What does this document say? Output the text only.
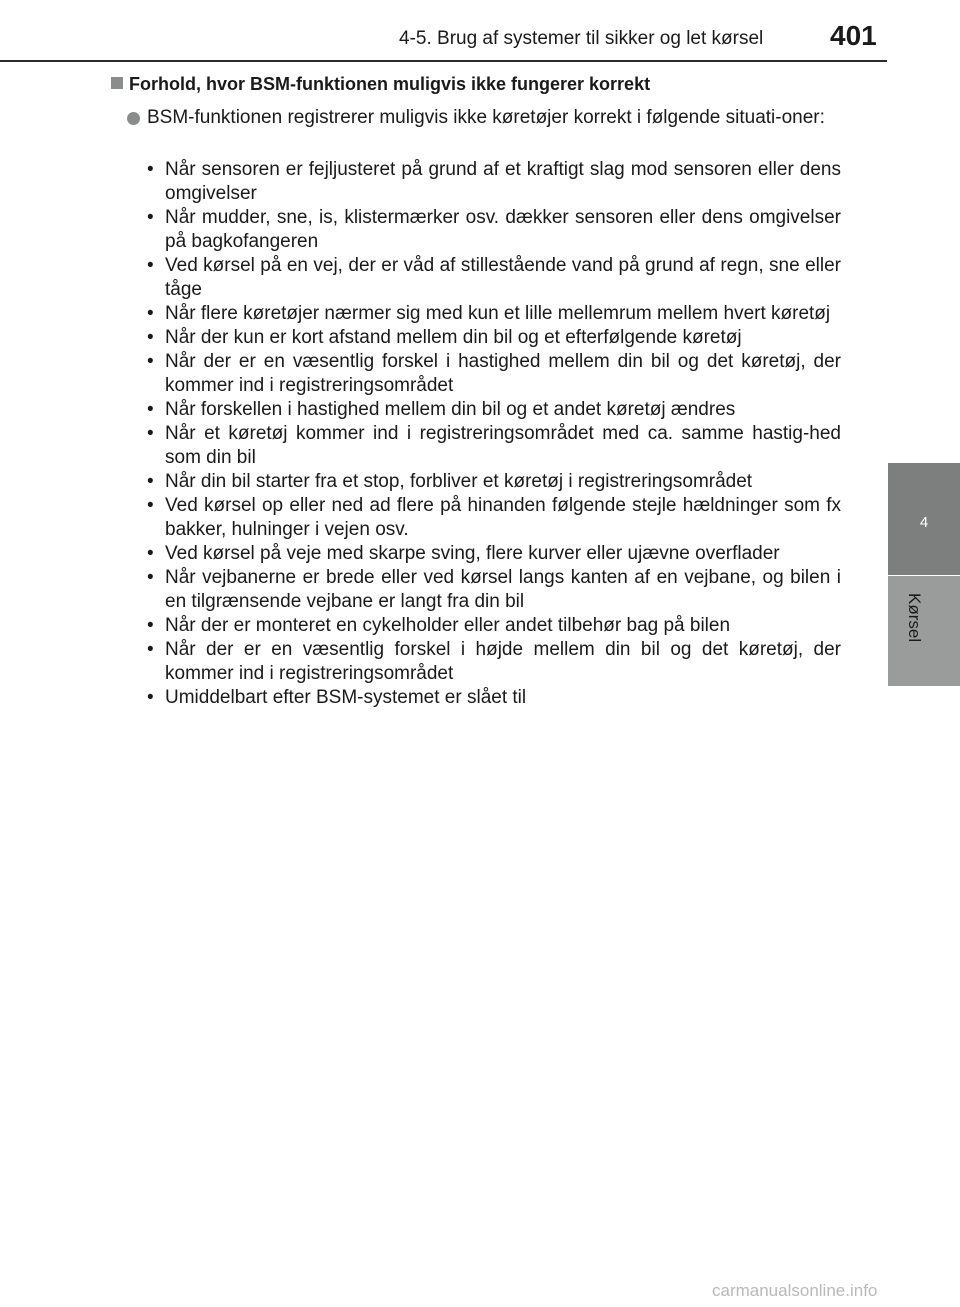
4-5. Brug af systemer til sikker og let kørsel 401
4
Kørsel
Forhold, hvor BSM-funktionen muligvis ikke fungerer korrekt
BSM-funktionen registrerer muligvis ikke køretøjer korrekt i følgende situati-oner:
• Når sensoren er fejljusteret på grund af et kraftigt slag mod sensoren eller dens omgivelser
• Når mudder, sne, is, klistermærker osv. dækker sensoren eller dens omgivelser på bagkofangeren
• Ved kørsel på en vej, der er våd af stillestående vand på grund af regn, sne eller tåge
• Når flere køretøjer nærmer sig med kun et lille mellemrum mellem hvert køretøj
• Når der kun er kort afstand mellem din bil og et efterfølgende køretøj
• Når der er en væsentlig forskel i hastighed mellem din bil og det køretøj, der kommer ind i registreringsområdet
• Når forskellen i hastighed mellem din bil og et andet køretøj ændres
• Når et køretøj kommer ind i registreringsområdet med ca. samme hastig-hed som din bil
• Når din bil starter fra et stop, forbliver et køretøj i registreringsområdet
• Ved kørsel op eller ned ad flere på hinanden følgende stejle hældninger som fx bakker, hulninger i vejen osv.
• Ved kørsel på veje med skarpe sving, flere kurver eller ujævne overflader
• Når vejbanerne er brede eller ved kørsel langs kanten af en vejbane, og bilen i en tilgrænsende vejbane er langt fra din bil
• Når der er monteret en cykelholder eller andet tilbehør bag på bilen
• Når der er en væsentlig forskel i højde mellem din bil og det køretøj, der kommer ind i registreringsområdet
• Umiddelbart efter BSM-systemet er slået til
carmanualsonline.info
